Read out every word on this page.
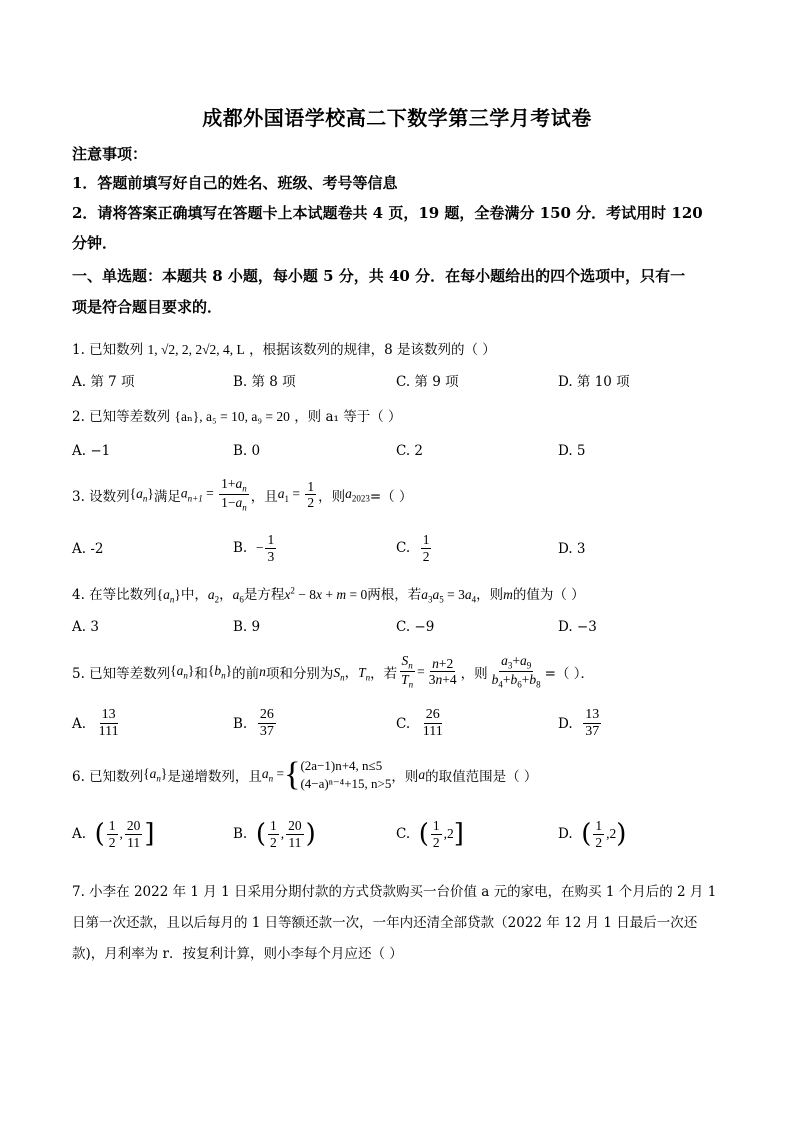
成都外国语学校高二下数学第三学月考试卷
注意事项：
1．答题前填写好自己的姓名、班级、考号等信息
2．请将答案正确填写在答题卡上本试题卷共 4 页，19 题，全卷满分 150 分．考试用时 120
分钟．
一、单选题：本题共 8 小题，每小题 5 分，共 40 分．在每小题给出的四个选项中，只有一
项是符合题目要求的．
1. 已知数列 1, √2, 2, 2√2, 4, L ，根据该数列的规律，8 是该数列的（ ）
A. 第 7 项	B. 第 8 项	C. 第 9 项	D. 第 10 项
2. 已知等差数列 {aₙ}, a₅ = 10, a₉ = 20 ，则 a₁ 等于（ ）
A. −1	B. 0	C. 2	D. 5
3. 设数列 $\{a_n\}$ 满足 $a_{n+1} = \frac{1+a_n}{1-a_n}$ ，且 $a_1 = \frac{1}{2}$ ，则 $a_{2023}$ =（ ）
A. -2	B.
− $\frac{1}{3}$	C.
$\frac{1}{2}$	D. 3
4. 在等比数列$\{a_n\}$中，$a_2$，$a_6$是方程$x^2 - 8x + m = 0$两根，若$a_3a_5 = 3a_4$，则m的值为（ ）
A. 3	B. 9	C. −9	D. −3
5. 已知等差数列 $\{a_n\}$ 和 $\{b_n\}$ 的前 n 项和分别为 $S_n$，$T_n$ ，若 $\frac{S_n}{T_n} = \frac{n+2}{3n+4}$ ，则 $\frac{a_3+a_9}{b_4+b_6+b_8}$ =（ ）．
A.
$\frac{13}{111}$	B.
$\frac{26}{37}$	C.
$\frac{26}{111}$	D.
$\frac{13}{37}$
6. 已知数列 $\{a_n\}$ 是递增数列，且 $a_n$ = { (2a−1)n+4, n≤5
(4−a)ⁿ⁻⁴+15, n>5 ，则 a 的取值范围是（ ）
A.
( $\frac{1}{2}$ , $\frac{20}{11}$ ]	B.
( $\frac{1}{2}$ , $\frac{20}{11}$ )	C.
( $\frac{1}{2}$ , 2 ]	D.
( $\frac{1}{2}$ , 2 )
7. 小李在 2022 年 1 月 1 日采用分期付款的方式贷款购买一台价值 a 元的家电，在购买 1 个月后的 2 月 1
日第一次还款，且以后每月的 1 日等额还款一次，一年内还清全部贷款（2022 年 12 月 1 日最后一次还
款)，月利率为 r．按复利计算，则小李每个月应还（ ）
